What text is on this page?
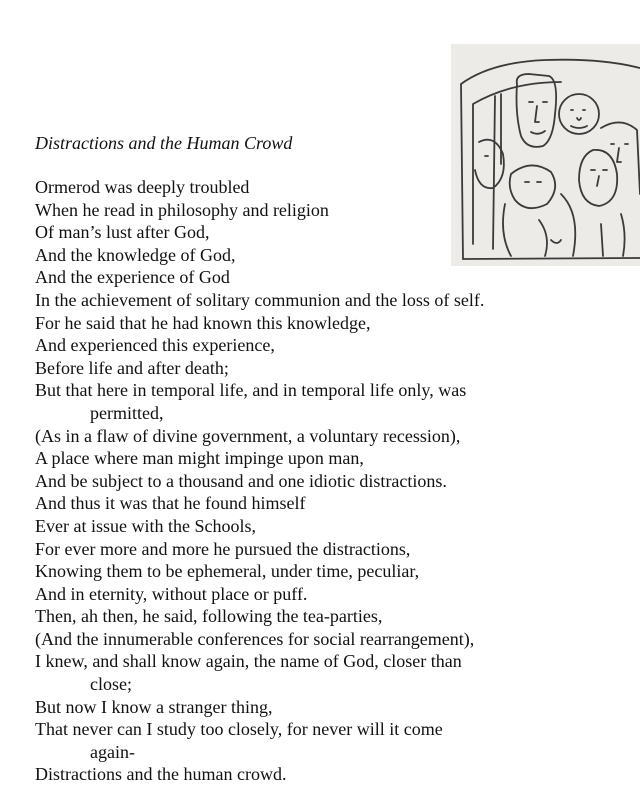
Distractions and the Human Crowd
Ormerod was deeply troubled
When he read in philosophy and religion
Of man’s lust after God,
And the knowledge of God,
And the experience of God
In the achievement of solitary communion and the loss of self.
For he said that he had known this knowledge,
And experienced this experience,
Before life and after death;
But that here in temporal life, and in temporal life only, was
permitted,
(As in a flaw of divine government, a voluntary recession),
A place where man might impinge upon man,
And be subject to a thousand and one idiotic distractions.
And thus it was that he found himself
Ever at issue with the Schools,
For ever more and more he pursued the distractions,
Knowing them to be ephemeral, under time, peculiar,
And in eternity, without place or puff.
Then, ah then, he said, following the tea-parties,
(And the innumerable conferences for social rearrangement),
I knew, and shall know again, the name of God, closer than
close;
But now I know a stranger thing,
That never can I study too closely, for never will it come
again-
Distractions and the human crowd.
